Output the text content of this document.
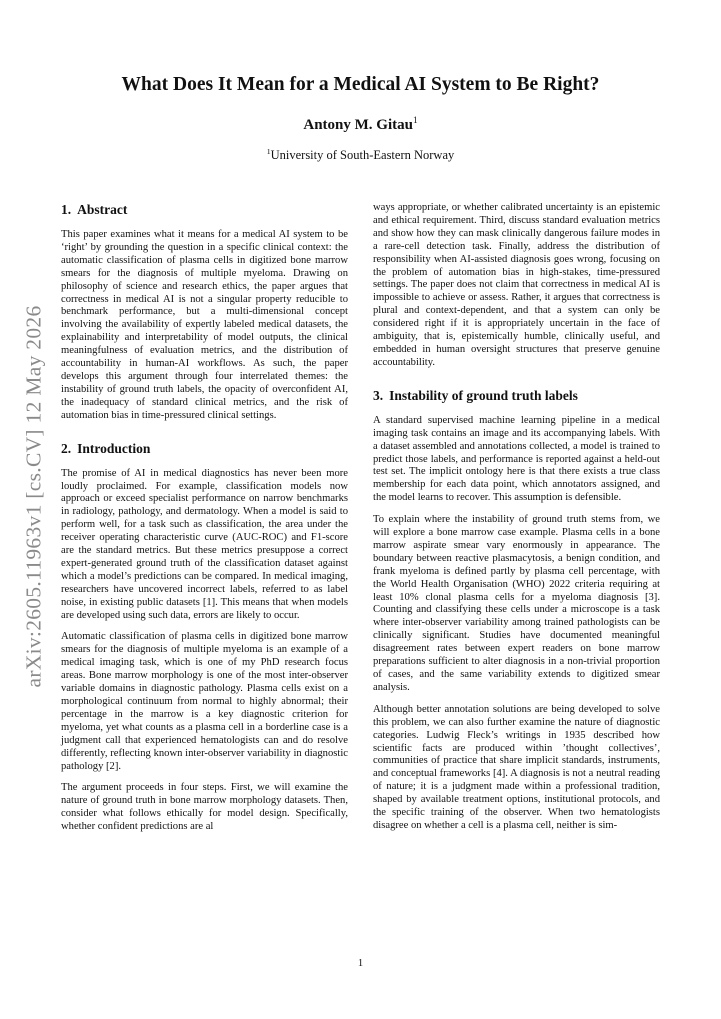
arXiv:2605.11963v1 [cs.CV] 12 May 2026
What Does It Mean for a Medical AI System to Be Right?
Antony M. Gitau$^1$
$^1$University of South-Eastern Norway
1. Abstract

This paper examines what it means for a medical AI system to be ‘right’ by grounding the question in a specific clinical context: the automatic classification of plasma cells in digitized bone marrow smears for the diagnosis of multiple myeloma. Drawing on philosophy of science and research ethics, the paper argues that correctness in medical AI is not a singular property reducible to benchmark performance, but a multi-dimensional concept involving the availability of expertly labeled medical datasets, the explainability and interpretability of model outputs, the clinical meaningfulness of evaluation metrics, and the distribution of accountability in human-AI workflows. As such, the paper develops this argument through four interrelated themes: the instability of ground truth labels, the opacity of overconfident AI, the inadequacy of standard clinical metrics, and the risk of automation bias in time-pressured clinical settings.

2. Introduction

The promise of AI in medical diagnostics has never been more loudly proclaimed. For example, classification models now approach or exceed specialist performance on narrow benchmarks in radiology, pathology, and dermatology. When a model is said to perform well, for a task such as classification, the area under the receiver operating characteristic curve (AUC-ROC) and F1-score are the standard metrics. But these metrics presuppose a correct expert-generated ground truth of the classification dataset against which a model’s predictions can be compared. In medical imaging, researchers have uncovered incorrect labels, referred to as label noise, in existing public datasets [1]. This means that when models are developed using such data, errors are likely to occur.

Automatic classification of plasma cells in digitized bone marrow smears for the diagnosis of multiple myeloma is an example of a medical imaging task, which is one of my PhD research focus areas. Bone marrow morphology is one of the most inter-observer variable domains in diagnostic pathology. Plasma cells exist on a morphological continuum from normal to highly abnormal; their percentage in the marrow is a key diagnostic criterion for myeloma, yet what counts as a plasma cell in a borderline case is a judgment call that experienced hematologists can and do resolve differently, reflecting known inter-observer variability in diagnostic pathology [2].

The argument proceeds in four steps. First, we will examine the nature of ground truth in bone marrow morphology datasets. Then, consider what follows ethically for model design. Specifically, whether confident predictions are al

ways appropriate, or whether calibrated uncertainty is an epistemic and ethical requirement. Third, discuss standard evaluation metrics and show how they can mask clinically dangerous failure modes in a rare-cell detection task. Finally, address the distribution of responsibility when AI-assisted diagnosis goes wrong, focusing on the problem of automation bias in high-stakes, time-pressured settings. The paper does not claim that correctness in medical AI is impossible to achieve or assess. Rather, it argues that correctness is plural and context-dependent, and that a system can only be considered right if it is appropriately uncertain in the face of ambiguity, that is, epistemically humble, clinically useful, and embedded in human oversight structures that preserve genuine accountability.

3. Instability of ground truth labels

A standard supervised machine learning pipeline in a medical imaging task contains an image and its accompanying labels. With a dataset assembled and annotations collected, a model is trained to predict those labels, and performance is reported against a held-out test set. The implicit ontology here is that there exists a true class membership for each data point, which annotators assigned, and the model learns to recover. This assumption is defensible.

To explain where the instability of ground truth stems from, we will explore a bone marrow case example. Plasma cells in a bone marrow aspirate smear vary enormously in appearance. The boundary between reactive plasmacytosis, a benign condition, and frank myeloma is defined partly by plasma cell percentage, with the World Health Organisation (WHO) 2022 criteria requiring at least 10% clonal plasma cells for a myeloma diagnosis [3]. Counting and classifying these cells under a microscope is a task where inter-observer variability among trained pathologists can be clinically significant. Studies have documented meaningful disagreement rates between expert readers on bone marrow preparations sufficient to alter diagnosis in a non-trivial proportion of cases, and the same variability extends to digitized smear analysis.

Although better annotation solutions are being developed to solve this problem, we can also further examine the nature of diagnostic categories. Ludwig Fleck’s writings in 1935 described how scientific facts are produced within ’thought collectives’, communities of practice that share implicit standards, instruments, and conceptual frameworks [4]. A diagnosis is not a neutral reading of nature; it is a judgment made within a professional tradition, shaped by available treatment options, institutional protocols, and the specific training of the observer. When two hematologists disagree on whether a cell is a plasma cell, neither is sim-

1
